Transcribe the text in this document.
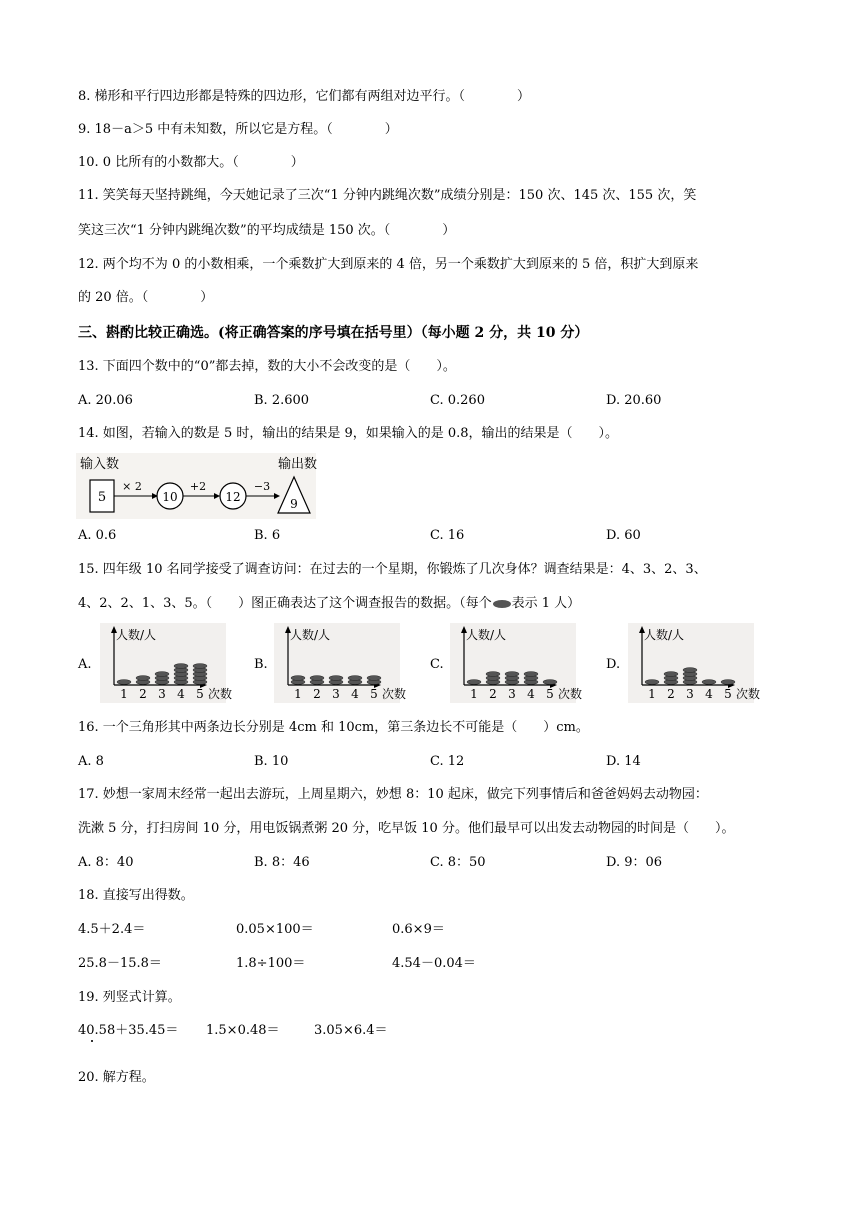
8. 梯形和平行四边形都是特殊的四边形，它们都有两组对边平行。（　　　　）
9. 18－a＞5 中有未知数，所以它是方程。（　　　　）
10. 0 比所有的小数都大。（　　　　）
11. 笑笑每天坚持跳绳，今天她记录了三次“1 分钟内跳绳次数”成绩分别是：150 次、145 次、155 次，笑
笑这三次“1 分钟内跳绳次数”的平均成绩是 150 次。（　　　　）
12. 两个均不为 0 的小数相乘，一个乘数扩大到原来的 4 倍，另一个乘数扩大到原来的 5 倍，积扩大到原来
的 20 倍。（　　　　）
三、斟酌比较正确选。(将正确答案的序号填在括号里）（每小题 2 分，共 10 分）
13. 下面四个数中的“0”都去掉，数的大小不会改变的是（　　）。
A. 20.06	B. 2.600	C. 0.260	D. 20.60
14. 如图，若输入的数是 5 时，输出的结果是 9，如果输入的是 0.8，输出的结果是（　　）。
输入数	输出数
5
× 2
10
+2
12
−3
9
A. 0.6	B. 6	C. 16	D. 60
15. 四年级 10 名同学接受了调查访问：在过去的一个星期，你锻炼了几次身体？调查结果是：4、3、2、3、
4、2、2、1、3、5。（　　）图正确表达了这个调查报告的数据。（每个 表示 1 人）
A.	B.	C.	D.
人数/人
1 2 3 4 5 次数
人数/人
1 2 3 4 5 次数
人数/人
1 2 3 4 5 次数
人数/人
1 2 3 4 5 次数
16. 一个三角形其中两条边长分别是 4cm 和 10cm，第三条边长不可能是（　　）cm。
A. 8	B. 10	C. 12	D. 14
17. 妙想一家周末经常一起出去游玩，上周星期六，妙想 8：10 起床，做完下列事情后和爸爸妈妈去动物园：
洗漱 5 分，打扫房间 10 分，用电饭锅煮粥 20 分，吃早饭 10 分。他们最早可以出发去动物园的时间是（　　）。
A. 8：40	B. 8：46	C. 8：50	D. 9：06
18. 直接写出得数。
4.5＋2.4＝	0.05×100＝	0.6×9＝
25.8－15.8＝	1.8÷100＝	4.54－0.04＝
19. 列竖式计算。
40.58＋35.45＝ 1.5×0.48＝	3.05×6.4＝
20. 解方程。
